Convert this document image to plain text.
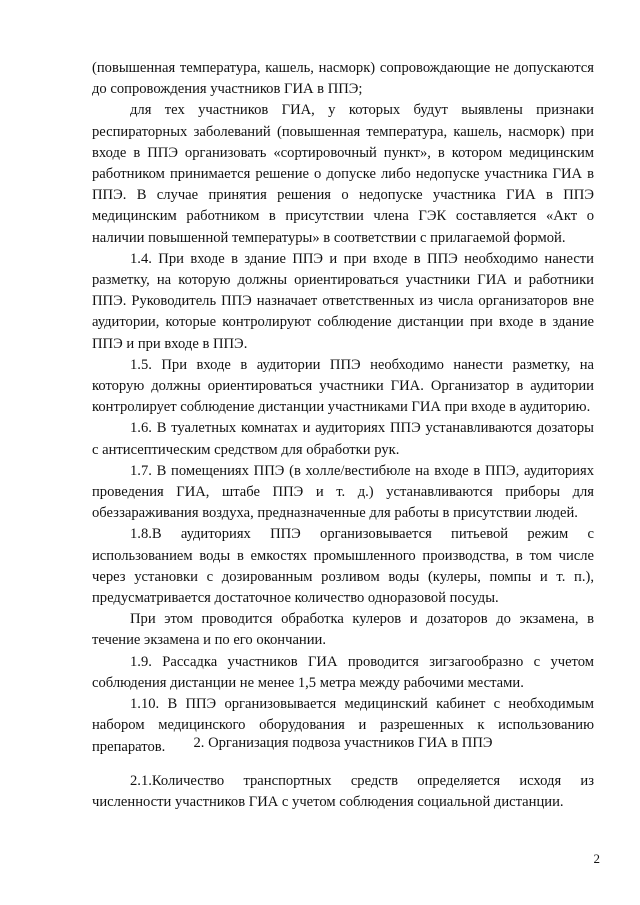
(повышенная температура, кашель, насморк) сопровождающие не допускаются до сопровождения участников ГИА в ППЭ;

для тех участников ГИА, у которых будут выявлены признаки респираторных заболеваний (повышенная температура, кашель, насморк) при входе в ППЭ организовать «сортировочный пункт», в котором медицинским работником принимается решение о допуске либо недопуске участника ГИА в ППЭ. В случае принятия решения о недопуске участника ГИА в ППЭ медицинским работником в присутствии члена ГЭК составляется «Акт о наличии повышенной температуры» в соответствии с прилагаемой формой.

1.4. При входе в здание ППЭ и при входе в ППЭ необходимо нанести разметку, на которую должны ориентироваться участники ГИА и работники ППЭ. Руководитель ППЭ назначает ответственных из числа организаторов вне аудитории, которые контролируют соблюдение дистанции при входе в здание ППЭ и при входе в ППЭ.

1.5. При входе в аудитории ППЭ необходимо нанести разметку, на которую должны ориентироваться участники ГИА. Организатор в аудитории контролирует соблюдение дистанции участниками ГИА при входе в аудиторию.

1.6. В туалетных комнатах и аудиториях ППЭ устанавливаются дозаторы с антисептическим средством для обработки рук.

1.7. В помещениях ППЭ (в холле/вестибюле на входе в ППЭ, аудиториях проведения ГИА, штабе ППЭ и т. д.) устанавливаются приборы для обеззараживания воздуха, предназначенные для работы в присутствии людей.

1.8.В аудиториях ППЭ организовывается питьевой режим с использованием воды в емкостях промышленного производства, в том числе через установки с дозированным розливом воды (кулеры, помпы и т. п.), предусматривается достаточное количество одноразовой посуды.

При этом проводится обработка кулеров и дозаторов до экзамена, в течение экзамена и по его окончании.

1.9. Рассадка участников ГИА проводится зигзагообразно с учетом соблюдения дистанции не менее 1,5 метра между рабочими местами.

1.10. В ППЭ организовывается медицинский кабинет с необходимым набором медицинского оборудования и разрешенных к использованию препаратов.	2. Организация подвоза участников ГИА в ППЭ

2.1.Количество транспортных средств определяется исходя из численности участников ГИА с учетом соблюдения социальной дистанции.

2
